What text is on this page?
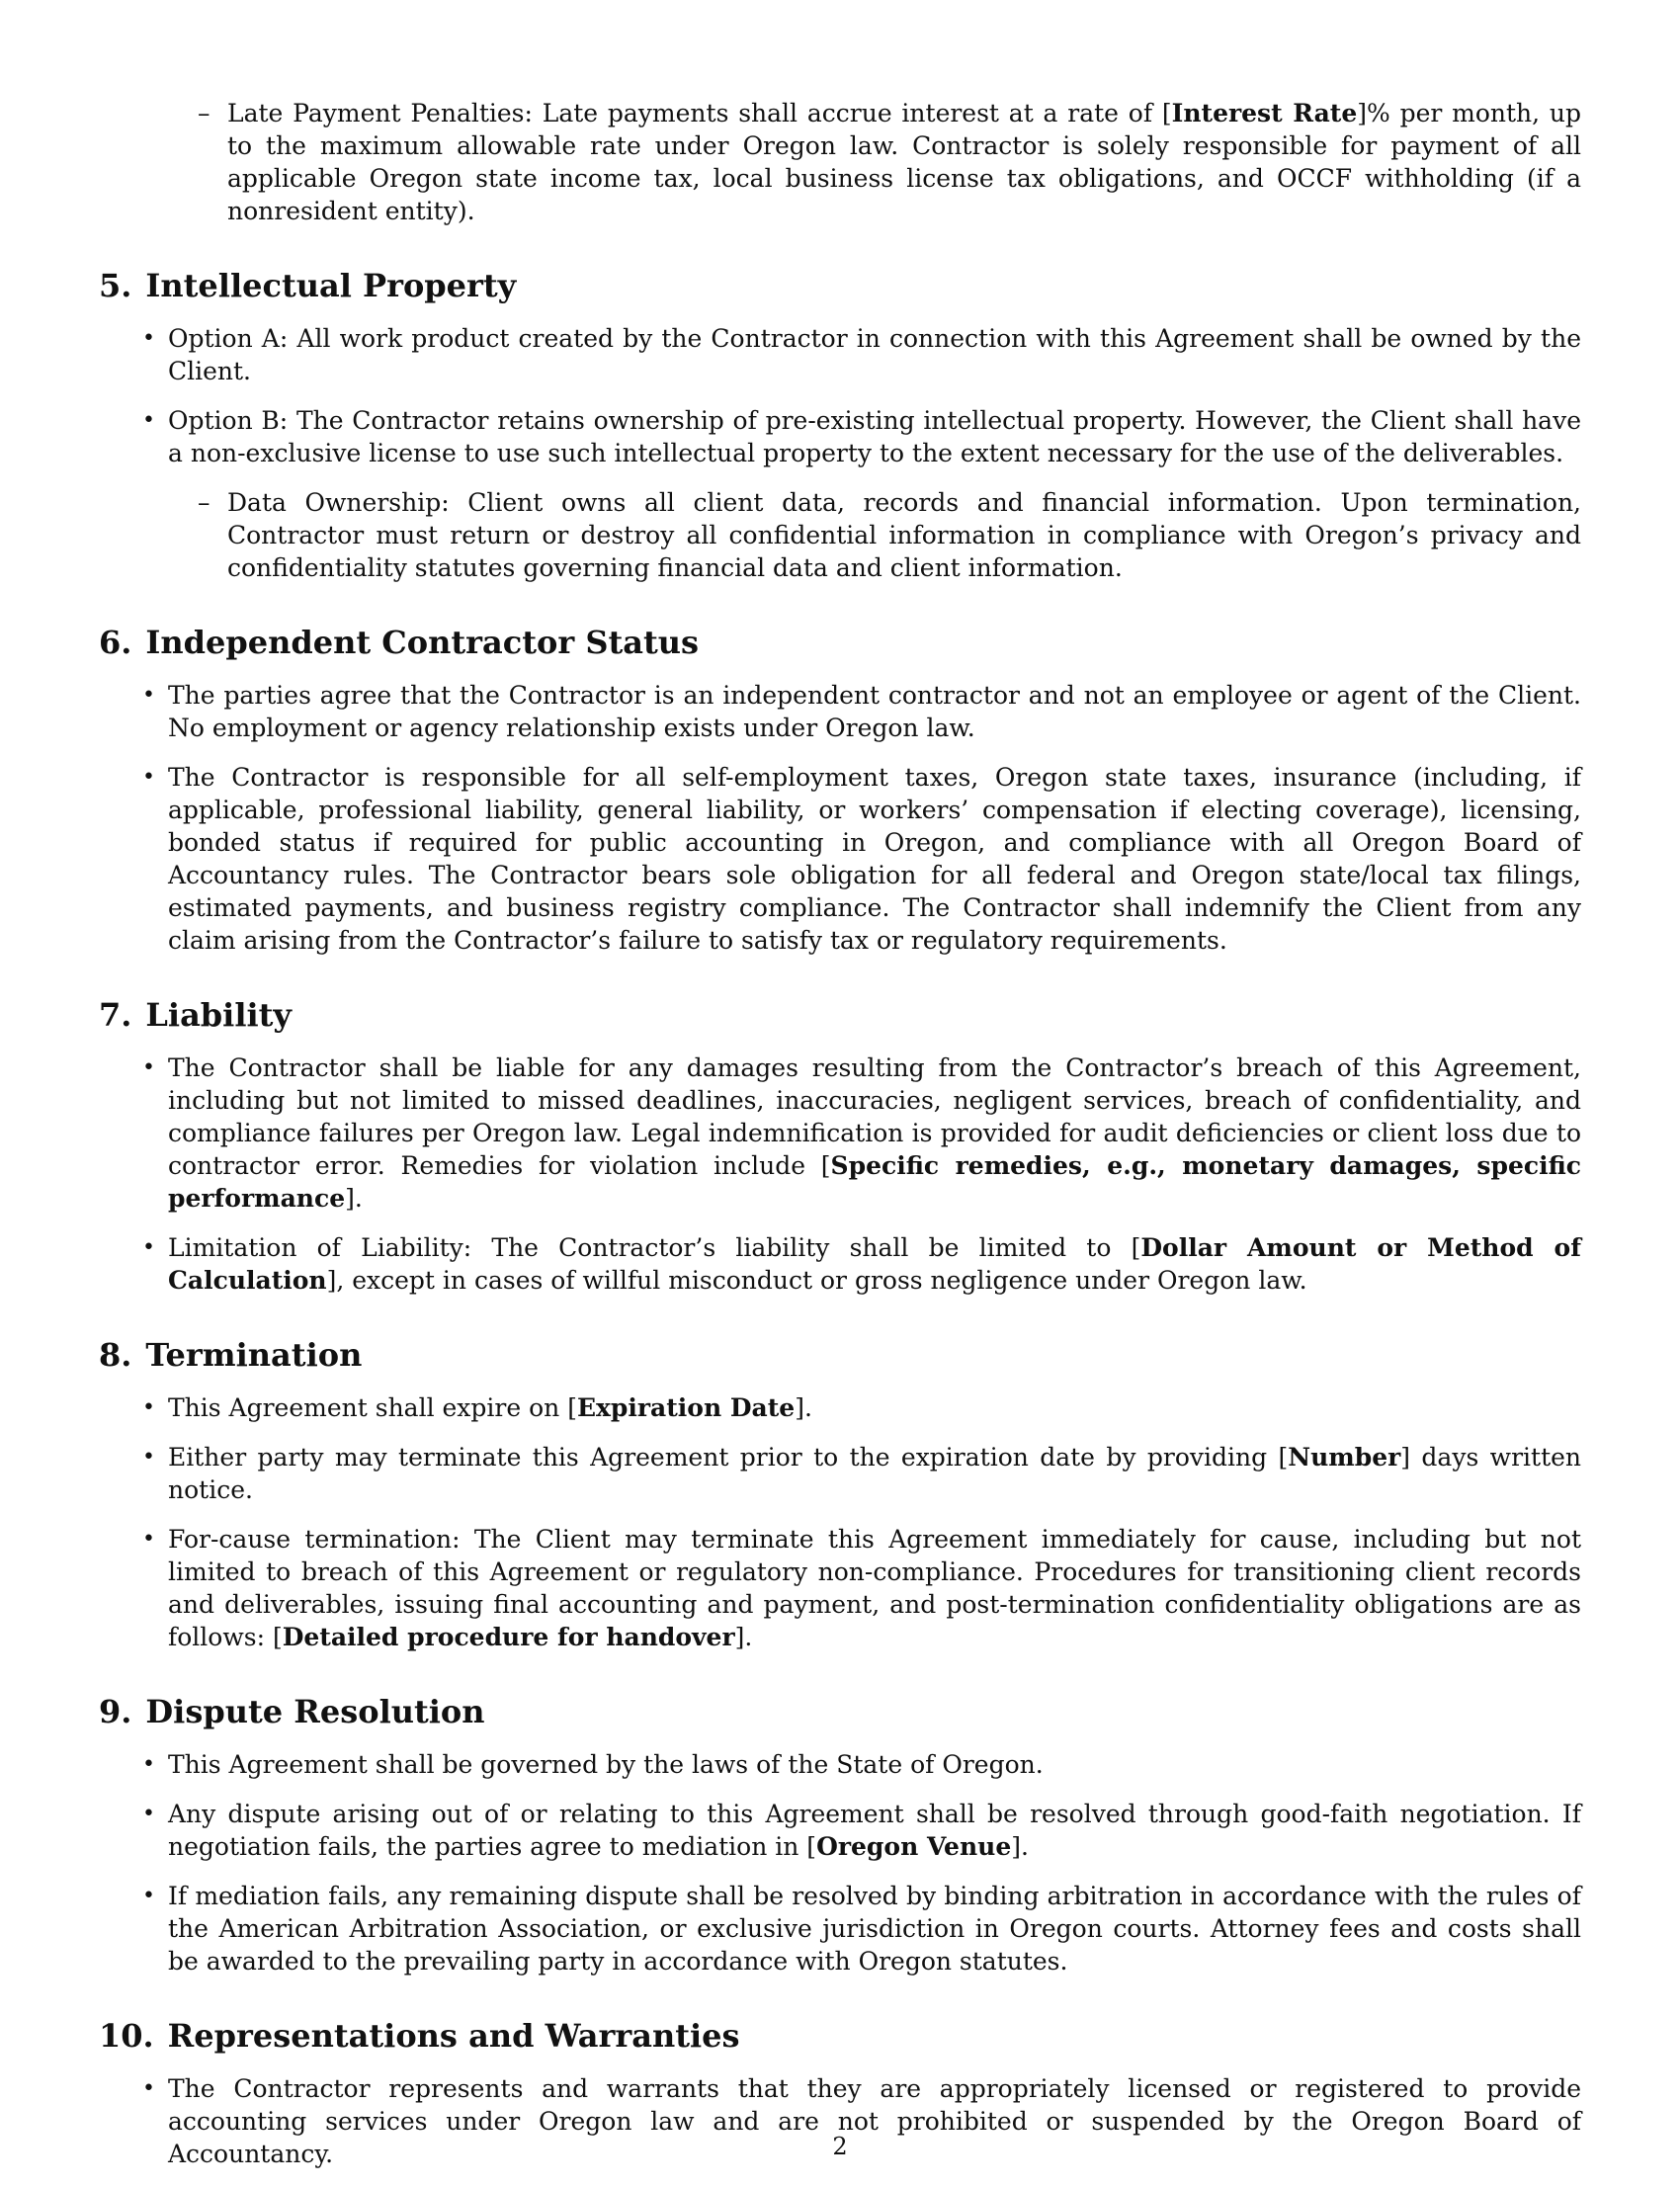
– Late Payment Penalties: Late payments shall accrue interest at a rate of [Interest Rate]% per month, up to the maximum allowable rate under Oregon law. Contractor is solely responsible for payment of all applicable Oregon state income tax, local business license tax obligations, and OCCF withholding (if a nonresident entity).
5. Intellectual Property
• Option A: All work product created by the Contractor in connection with this Agreement shall be owned by the Client.
• Option B: The Contractor retains ownership of pre-existing intellectual property. However, the Client shall have a non-exclusive license to use such intellectual property to the extent necessary for the use of the deliverables.
– Data Ownership: Client owns all client data, records and financial information. Upon termination, Contractor must return or destroy all confidential information in compliance with Oregon’s privacy and confidentiality statutes governing financial data and client information.
6. Independent Contractor Status
• The parties agree that the Contractor is an independent contractor and not an employee or agent of the Client. No employment or agency relationship exists under Oregon law.
• The Contractor is responsible for all self-employment taxes, Oregon state taxes, insurance (including, if applicable, professional liability, general liability, or workers’ compensation if electing coverage), licensing, bonded status if required for public accounting in Oregon, and compliance with all Oregon Board of Accountancy rules. The Contractor bears sole obligation for all federal and Oregon state/local tax filings, estimated payments, and business registry compliance. The Contractor shall indemnify the Client from any claim arising from the Contractor’s failure to satisfy tax or regulatory requirements.
7. Liability
• The Contractor shall be liable for any damages resulting from the Contractor’s breach of this Agreement, including but not limited to missed deadlines, inaccuracies, negligent services, breach of confidentiality, and compliance failures per Oregon law. Legal indemnification is provided for audit deficiencies or client loss due to contractor error. Remedies for violation include [Specific remedies, e.g., monetary damages, specific performance].
• Limitation of Liability: The Contractor’s liability shall be limited to [Dollar Amount or Method of Calculation], except in cases of willful misconduct or gross negligence under Oregon law.
8. Termination
• This Agreement shall expire on [Expiration Date].
• Either party may terminate this Agreement prior to the expiration date by providing [Number] days written notice.
• For-cause termination: The Client may terminate this Agreement immediately for cause, including but not limited to breach of this Agreement or regulatory non-compliance. Procedures for transitioning client records and deliverables, issuing final accounting and payment, and post-termination confidentiality obligations are as follows: [Detailed procedure for handover].
9. Dispute Resolution
• This Agreement shall be governed by the laws of the State of Oregon.
• Any dispute arising out of or relating to this Agreement shall be resolved through good-faith negotiation. If negotiation fails, the parties agree to mediation in [Oregon Venue].
• If mediation fails, any remaining dispute shall be resolved by binding arbitration in accordance with the rules of the American Arbitration Association, or exclusive jurisdiction in Oregon courts. Attorney fees and costs shall be awarded to the prevailing party in accordance with Oregon statutes.
10. Representations and Warranties
• The Contractor represents and warrants that they are appropriately licensed or registered to provide accounting services under Oregon law and are not prohibited or suspended by the Oregon Board of Accountancy.	2
